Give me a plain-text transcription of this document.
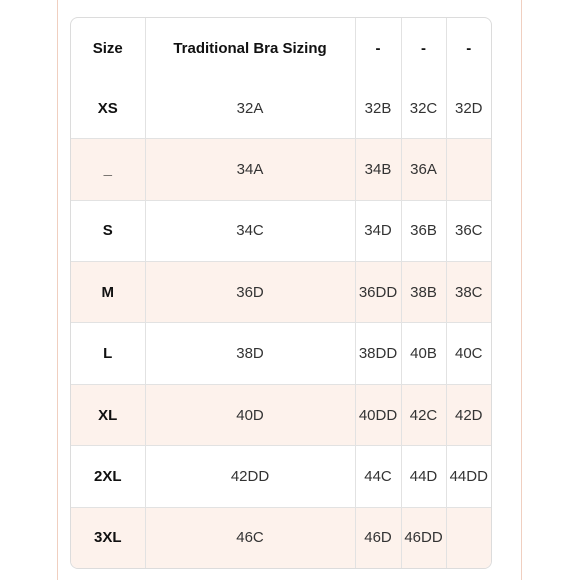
Size	Traditional Bra Sizing	-	-	-
XS	32A	32B	32C	32D
_	34A	34B	36A	
S	34C	34D	36B	36C
M	36D	36DD	38B	38C
L	38D	38DD	40B	40C
XL	40D	40DD	42C	42D
2XL	42DD	44C	44D	44DD
3XL	46C	46D	46DD	
